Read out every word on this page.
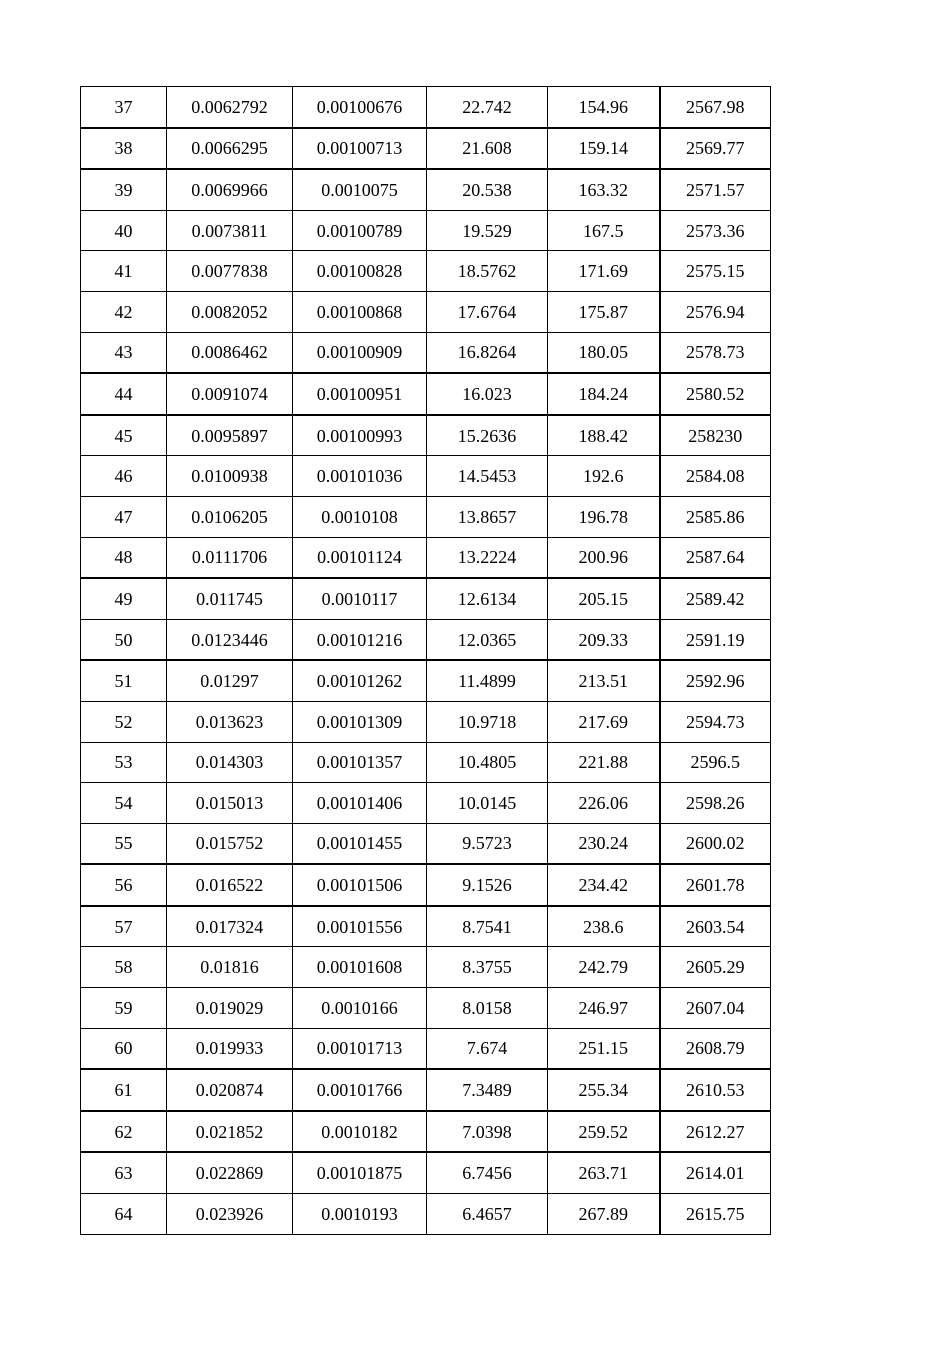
37	0.0062792	0.00100676	22.742	154.96	2567.98
38	0.0066295	0.00100713	21.608	159.14	2569.77
39	0.0069966	0.0010075	20.538	163.32	2571.57
40	0.0073811	0.00100789	19.529	167.5	2573.36
41	0.0077838	0.00100828	18.5762	171.69	2575.15
42	0.0082052	0.00100868	17.6764	175.87	2576.94
43	0.0086462	0.00100909	16.8264	180.05	2578.73
44	0.0091074	0.00100951	16.023	184.24	2580.52
45	0.0095897	0.00100993	15.2636	188.42	258230
46	0.0100938	0.00101036	14.5453	192.6	2584.08
47	0.0106205	0.0010108	13.8657	196.78	2585.86
48	0.0111706	0.00101124	13.2224	200.96	2587.64
49	0.011745	0.0010117	12.6134	205.15	2589.42
50	0.0123446	0.00101216	12.0365	209.33	2591.19
51	0.01297	0.00101262	11.4899	213.51	2592.96
52	0.013623	0.00101309	10.9718	217.69	2594.73
53	0.014303	0.00101357	10.4805	221.88	2596.5
54	0.015013	0.00101406	10.0145	226.06	2598.26
55	0.015752	0.00101455	9.5723	230.24	2600.02
56	0.016522	0.00101506	9.1526	234.42	2601.78
57	0.017324	0.00101556	8.7541	238.6	2603.54
58	0.01816	0.00101608	8.3755	242.79	2605.29
59	0.019029	0.0010166	8.0158	246.97	2607.04
60	0.019933	0.00101713	7.674	251.15	2608.79
61	0.020874	0.00101766	7.3489	255.34	2610.53
62	0.021852	0.0010182	7.0398	259.52	2612.27
63	0.022869	0.00101875	6.7456	263.71	2614.01
64	0.023926	0.0010193	6.4657	267.89	2615.75
